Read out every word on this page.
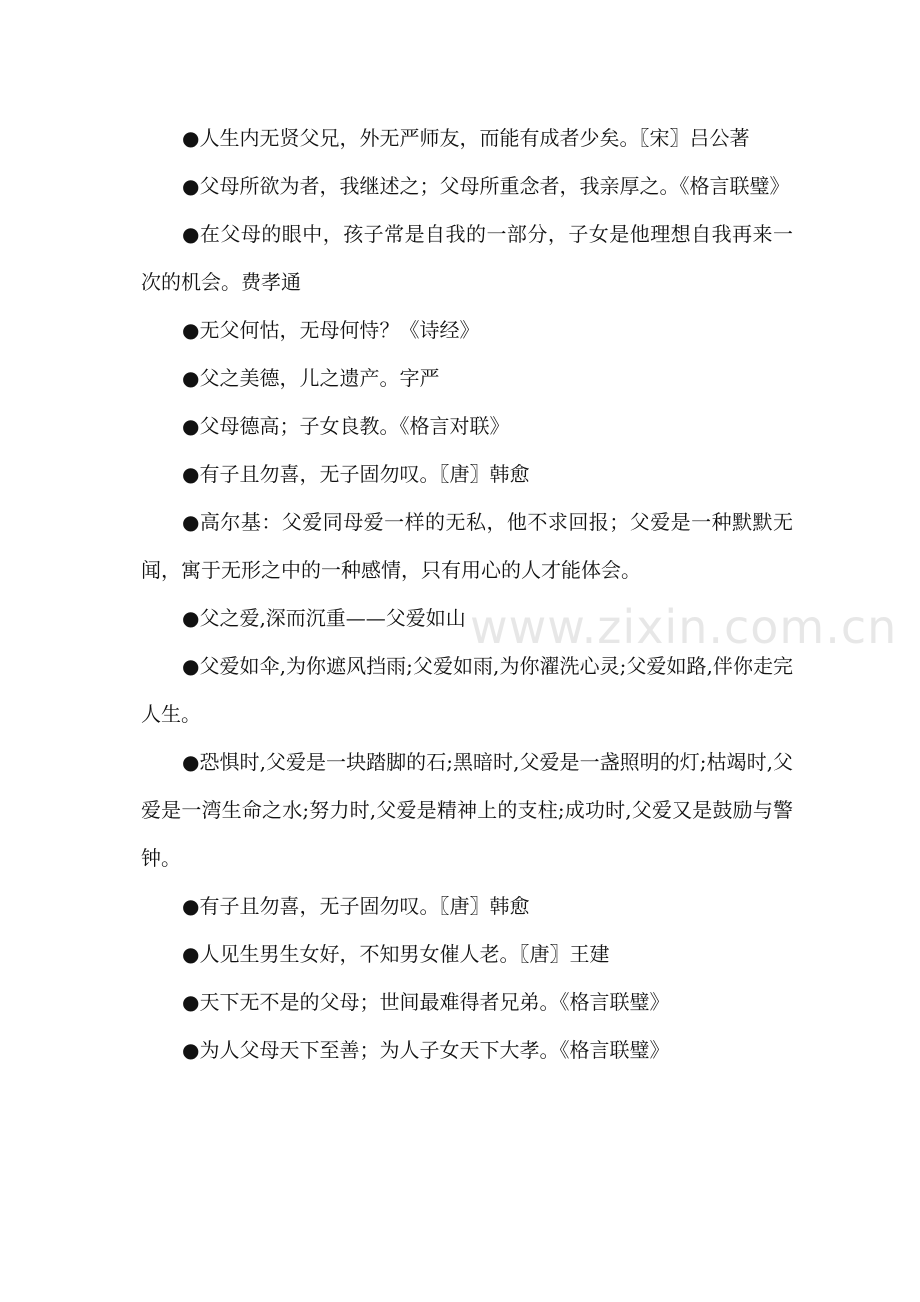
●人生内无贤父兄，外无严师友，而能有成者少矣。〖宋〗吕公著

●父母所欲为者，我继述之；父母所重念者，我亲厚之。《格言联璧》

●在父母的眼中，孩子常是自我的一部分，子女是他理想自我再来一次的机会。费孝通

●无父何怙，无母何恃？《诗经》

●父之美德，儿之遗产。字严

●父母德高；子女良教。《格言对联》

●有子且勿喜，无子固勿叹。〖唐〗韩愈

●高尔基：父爱同母爱一样的无私，他不求回报；父爱是一种默默无闻，寓于无形之中的一种感情，只有用心的人才能体会。

●父之爱,深而沉重——父爱如山

●父爱如伞,为你遮风挡雨;父爱如雨,为你濯洗心灵;父爱如路,伴你走完人生。

●恐惧时,父爱是一块踏脚的石;黑暗时,父爱是一盏照明的灯;枯竭时,父爱是一湾生命之水;努力时,父爱是精神上的支柱;成功时,父爱又是鼓励与警钟。

●有子且勿喜，无子固勿叹。〖唐〗韩愈

●人见生男生女好，不知男女催人老。〖唐〗王建

●天下无不是的父母；世间最难得者兄弟。《格言联璧》

●为人父母天下至善；为人子女天下大孝。《格言联璧》

www.zixin.com.cn
